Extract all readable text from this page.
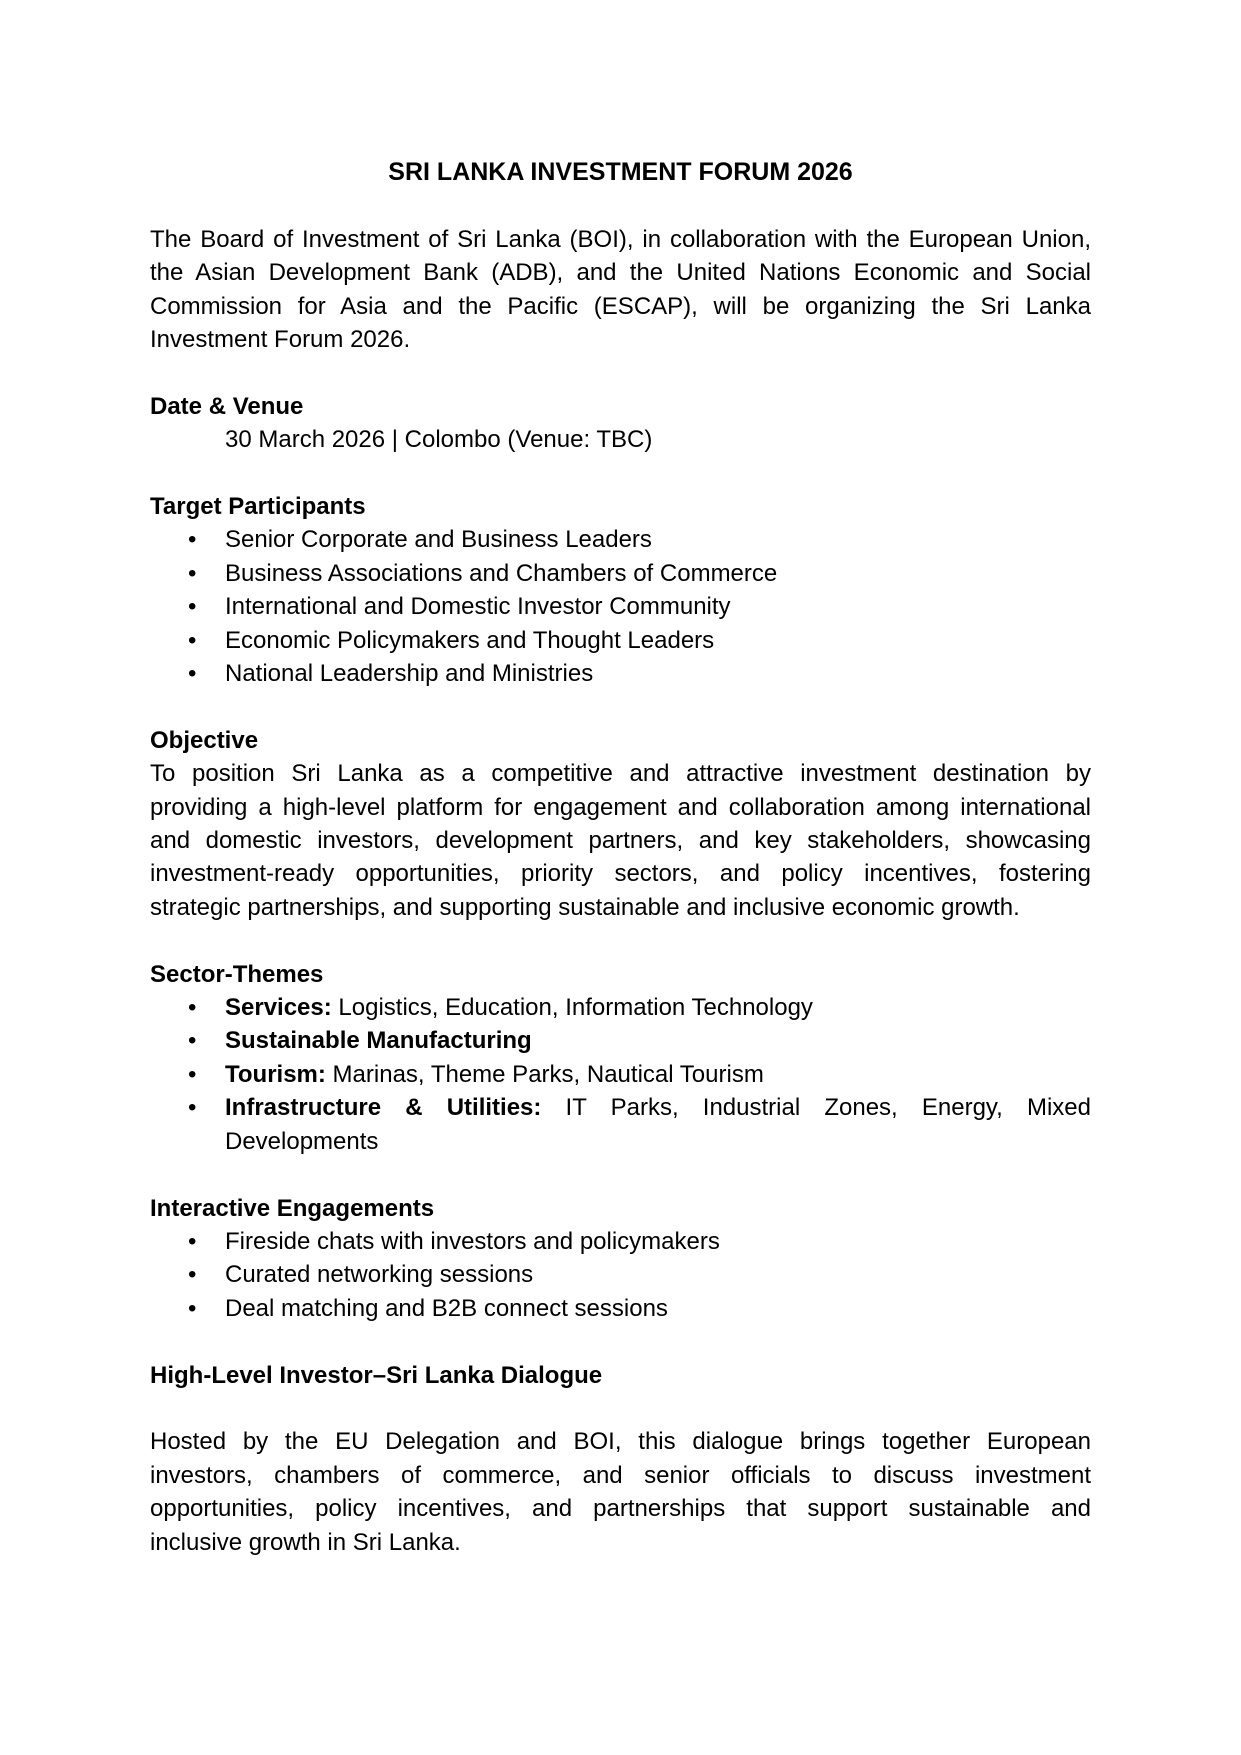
SRI LANKA INVESTMENT FORUM 2026
The Board of Investment of Sri Lanka (BOI), in collaboration with the European Union,
the Asian Development Bank (ADB), and the United Nations Economic and Social
Commission for Asia and the Pacific (ESCAP), will be organizing the Sri Lanka
Investment Forum 2026.
Date & Venue
30 March 2026 | Colombo (Venue: TBC)
Target Participants
• Senior Corporate and Business Leaders
• Business Associations and Chambers of Commerce
• International and Domestic Investor Community
• Economic Policymakers and Thought Leaders
• National Leadership and Ministries
Objective
To position Sri Lanka as a competitive and attractive investment destination by
providing a high-level platform for engagement and collaboration among international
and domestic investors, development partners, and key stakeholders, showcasing
investment-ready opportunities, priority sectors, and policy incentives, fostering
strategic partnerships, and supporting sustainable and inclusive economic growth.
Sector-Themes
• Services: Logistics, Education, Information Technology
• Sustainable Manufacturing
• Tourism: Marinas, Theme Parks, Nautical Tourism
• Infrastructure & Utilities: IT Parks, Industrial Zones, Energy, Mixed
Developments
Interactive Engagements
• Fireside chats with investors and policymakers
• Curated networking sessions
• Deal matching and B2B connect sessions
High-Level Investor–Sri Lanka Dialogue
Hosted by the EU Delegation and BOI, this dialogue brings together European
investors, chambers of commerce, and senior officials to discuss investment
opportunities, policy incentives, and partnerships that support sustainable and
inclusive growth in Sri Lanka.
